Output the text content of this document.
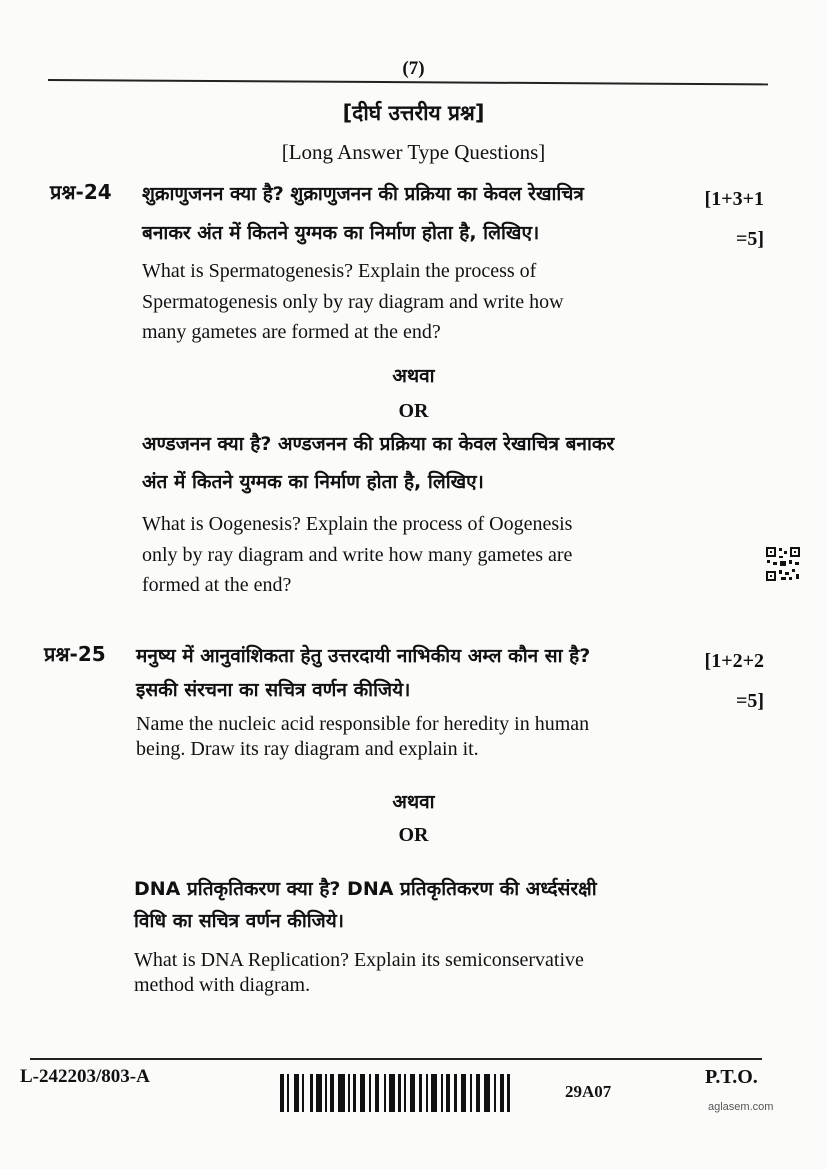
(7)
[दीर्घ उत्तरीय प्रश्न]
[Long Answer Type Questions]
प्रश्न-24	[1+3+1
=5]
शुक्राणुजनन क्या है? शुक्राणुजनन की प्रक्रिया का केवल रेखाचित्र
बनाकर अंत में कितने युग्मक का निर्माण होता है, लिखिए।
What is Spermatogenesis? Explain the process of
Spermatogenesis only by ray diagram and write how
many gametes are formed at the end?
अथवा
OR
अण्डजनन क्या है? अण्डजनन की प्रक्रिया का केवल रेखाचित्र बनाकर
अंत में कितने युग्मक का निर्माण होता है, लिखिए।
What is Oogenesis? Explain the process of Oogenesis
only by ray diagram and write how many gametes are
formed at the end?
प्रश्न-25	[1+2+2
=5]
मनुष्य में आनुवांशिकता हेतु उत्तरदायी नाभिकीय अम्ल कौन सा है?
इसकी संरचना का सचित्र वर्णन कीजिये।
Name the nucleic acid responsible for heredity in human
being. Draw its ray diagram and explain it.
अथवा
OR
DNA प्रतिकृतिकरण क्या है? DNA प्रतिकृतिकरण की अर्ध्दसंरक्षी
विधि का सचित्र वर्णन कीजिये।
What is DNA Replication? Explain its semiconservative
method with diagram.
L-242203/803-A
29A07
P.T.O.
aglasem.com
